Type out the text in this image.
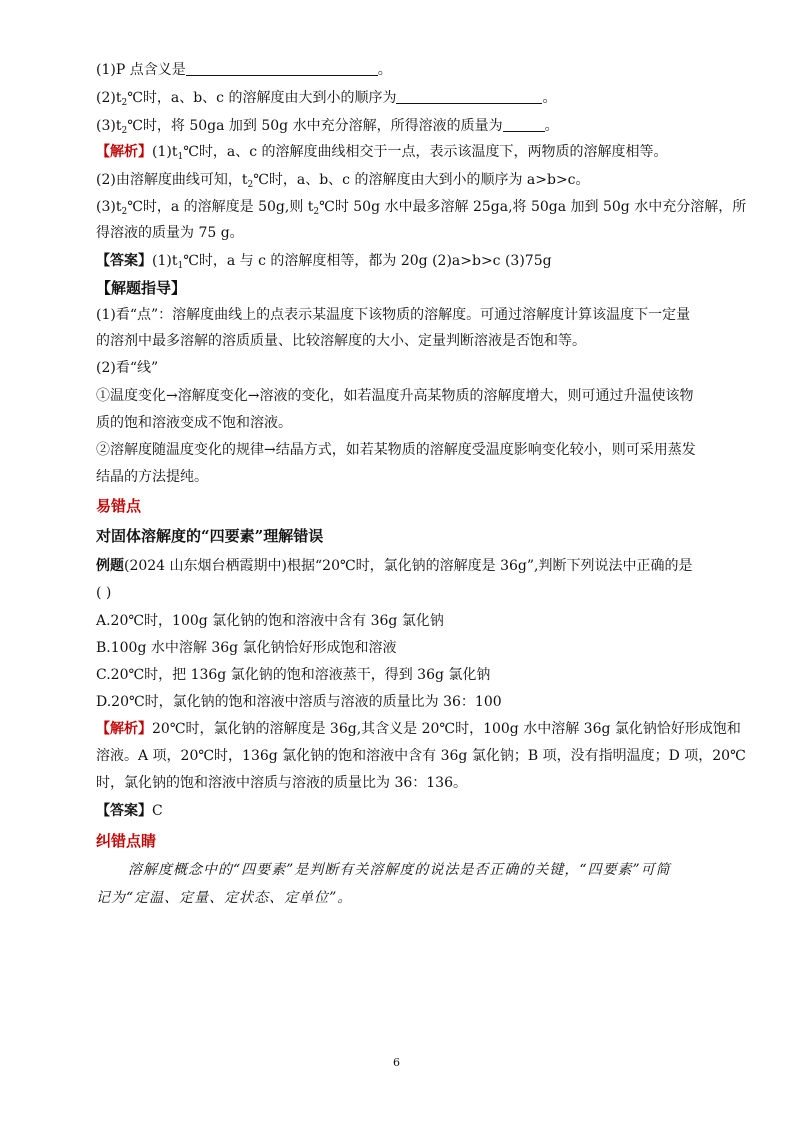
(1)P 点含义是	。
$(2)t_2℃$时，a、b、c 的溶解度由大到小的顺序为	。
$(3)t_2℃$时，将 50ga 加到 50g 水中充分溶解，所得溶液的质量为	。
【解析】$(1)t_1℃$时，a、c 的溶解度曲线相交于一点，表示该温度下，两物质的溶解度相等。
(2)由溶解度曲线可知，$t_2℃$时，a、b、c 的溶解度由大到小的顺序为 a>b>c。
$(3)t_2℃$时，a 的溶解度是 50g,则 $t_2℃$时 50g 水中最多溶解 25ga,将 50ga 加到 50g 水中充分溶解，所
得溶液的质量为 75 g。
【答案】$(1)t_1℃$时，a 与 c 的溶解度相等，都为 20g (2)a>b>c (3)75g
【解题指导】
(1)看“点”：溶解度曲线上的点表示某温度下该物质的溶解度。可通过溶解度计算该温度下一定量
的溶剂中最多溶解的溶质质量、比较溶解度的大小、定量判断溶液是否饱和等。
(2)看“线”
①温度变化→溶解度变化→溶液的变化，如若温度升高某物质的溶解度增大，则可通过升温使该物
质的饱和溶液变成不饱和溶液。
②溶解度随温度变化的规律→结晶方式，如若某物质的溶解度受温度影响变化较小，则可采用蒸发
结晶的方法提纯。
易错点
对固体溶解度的“四要素”理解错误
例题(2024 山东烟台栖霞期中)根据“20℃时，氯化钠的溶解度是 36g”,判断下列说法中正确的是
( )
A.20℃时，100g 氯化钠的饱和溶液中含有 36g 氯化钠
B.100g 水中溶解 36g 氯化钠恰好形成饱和溶液
C.20℃时，把 136g 氯化钠的饱和溶液蒸干，得到 36g 氯化钠
D.20℃时，氯化钠的饱和溶液中溶质与溶液的质量比为 36：100
【解析】20℃时，氯化钠的溶解度是 36g,其含义是 20℃时，100g 水中溶解 36g 氯化钠恰好形成饱和
溶液。A 项，20℃时，136g 氯化钠的饱和溶液中含有 36g 氯化钠；B 项，没有指明温度；D 项，20℃
时，氯化钠的饱和溶液中溶质与溶液的质量比为 36：136。
【答案】C
纠错点睛
溶解度概念中的“四要素”是判断有关溶解度的说法是否正确的关键，“四要素”可简
记为“定温、定量、定状态、定单位”。
6
